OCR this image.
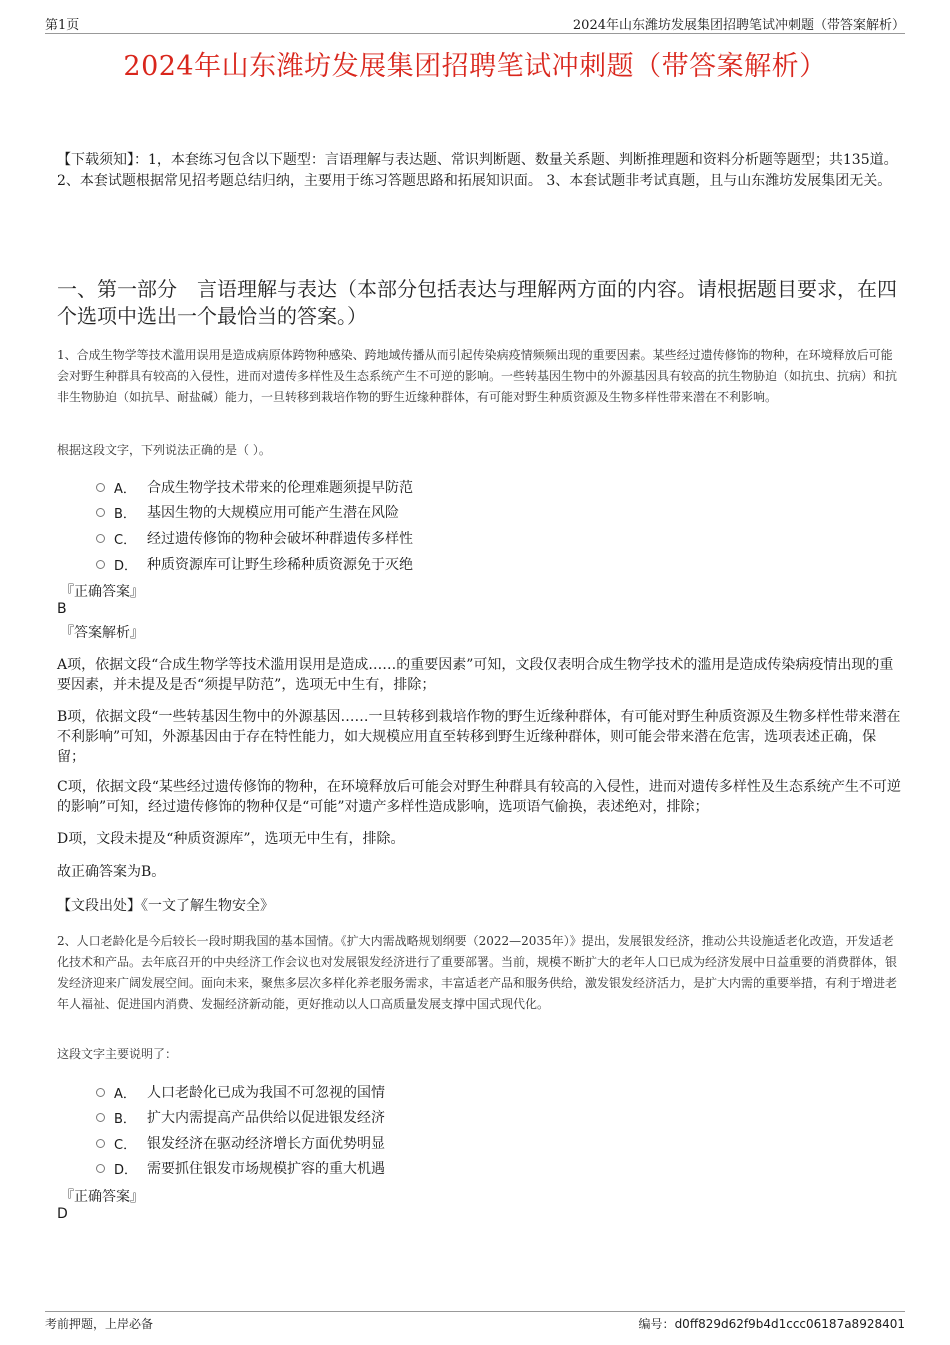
第1页	2024年山东潍坊发展集团招聘笔试冲刺题（带答案解析）
2024年山东潍坊发展集团招聘笔试冲刺题（带答案解析）
【下载须知】：1，本套练习包含以下题型：言语理解与表达题、常识判断题、数量关系题、判断推理题和资料分析题等题型；共135道。 2、本套试题根据常见招考题总结归纳，主要用于练习答题思路和拓展知识面。 3、本套试题非考试真题，且与山东潍坊发展集团无关。
一、第一部分　言语理解与表达（本部分包括表达与理解两方面的内容。请根据题目要求，在四个选项中选出一个最恰当的答案。）
1、合成生物学等技术滥用误用是造成病原体跨物种感染、跨地域传播从而引起传染病疫情频频出现的重要因素。某些经过遗传修饰的物种，在环境释放后可能会对野生种群具有较高的入侵性，进而对遗传多样性及生态系统产生不可逆的影响。一些转基因生物中的外源基因具有较高的抗生物胁迫（如抗虫、抗病）和抗非生物胁迫（如抗旱、耐盐碱）能力，一旦转移到栽培作物的野生近缘种群体，有可能对野生种质资源及生物多样性带来潜在不利影响。
根据这段文字，下列说法正确的是（ ）。
A． 合成生物学技术带来的伦理难题须提早防范
B． 基因生物的大规模应用可能产生潜在风险
C． 经过遗传修饰的物种会破坏种群遗传多样性
D． 种质资源库可让野生珍稀种质资源免于灭绝
『正确答案』
B
『答案解析』
A项，依据文段“合成生物学等技术滥用误用是造成……的重要因素”可知，文段仅表明合成生物学技术的滥用是造成传染病疫情出现的重要因素，并未提及是否“须提早防范”，选项无中生有，排除；
B项，依据文段“一些转基因生物中的外源基因……一旦转移到栽培作物的野生近缘种群体，有可能对野生种质资源及生物多样性带来潜在不利影响”可知，外源基因由于存在特性能力，如大规模应用直至转移到野生近缘种群体，则可能会带来潜在危害，选项表述正确，保留；
C项，依据文段“某些经过遗传修饰的物种，在环境释放后可能会对野生种群具有较高的入侵性，进而对遗传多样性及生态系统产生不可逆的影响”可知，经过遗传修饰的物种仅是“可能”对遗产多样性造成影响，选项语气偷换，表述绝对，排除；
D项，文段未提及“种质资源库”，选项无中生有，排除。
故正确答案为B。
【文段出处】《一文了解生物安全》
2、人口老龄化是今后较长一段时期我国的基本国情。《扩大内需战略规划纲要（2022—2035年）》提出，发展银发经济，推动公共设施适老化改造，开发适老化技术和产品。去年底召开的中央经济工作会议也对发展银发经济进行了重要部署。当前，规模不断扩大的老年人口已成为经济发展中日益重要的消费群体，银发经济迎来广阔发展空间。面向未来，聚焦多层次多样化养老服务需求，丰富适老产品和服务供给，激发银发经济活力，是扩大内需的重要举措，有利于增进老年人福祉、促进国内消费、发掘经济新动能，更好推动以人口高质量发展支撑中国式现代化。
这段文字主要说明了：
A． 人口老龄化已成为我国不可忽视的国情
B． 扩大内需提高产品供给以促进银发经济
C． 银发经济在驱动经济增长方面优势明显
D． 需要抓住银发市场规模扩容的重大机遇
『正确答案』
D
考前押题，上岸必备	编号：d0ff829d62f9b4d1ccc06187a8928401
